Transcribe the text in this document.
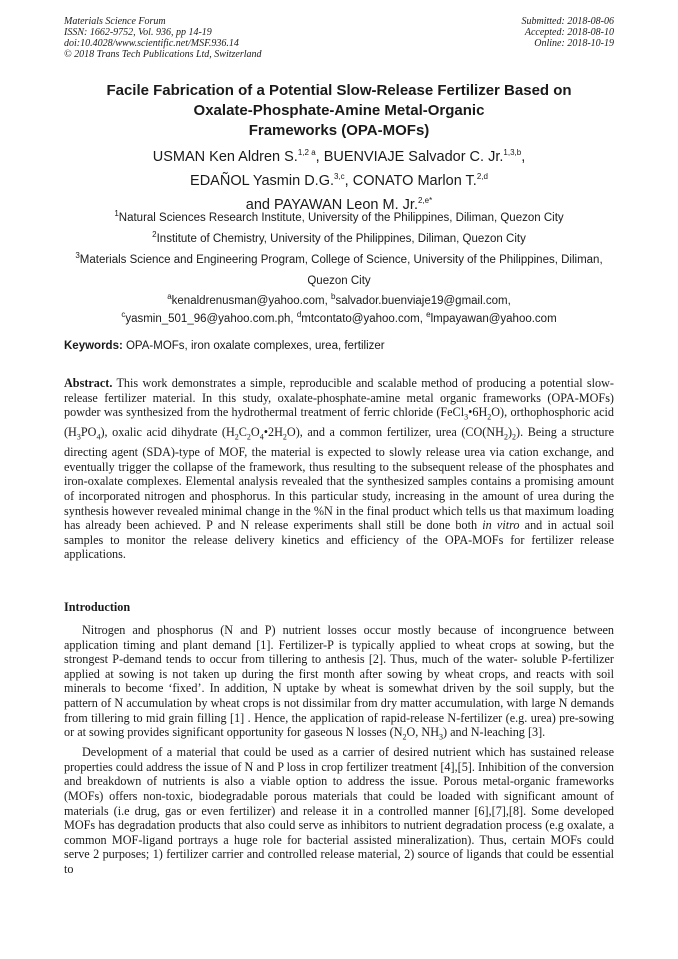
Materials Science Forum
ISSN: 1662-9752, Vol. 936, pp 14-19
doi:10.4028/www.scientific.net/MSF.936.14
© 2018 Trans Tech Publications Ltd, Switzerland
Submitted: 2018-08-06
Accepted: 2018-08-10
Online: 2018-10-19
Facile Fabrication of a Potential Slow-Release Fertilizer Based on
Oxalate-Phosphate-Amine Metal-Organic
Frameworks (OPA-MOFs)
USMAN Ken Aldren S.$^{1,2 a}$, BUENVIAJE Salvador C. Jr.$^{1,3,b}$,
EDAÑOL Yasmin D.G.$^{3,c}$, CONATO Marlon T.$^{2,d}$
and PAYAWAN Leon M. Jr.$^{2,e*}$
$^1$Natural Sciences Research Institute, University of the Philippines, Diliman, Quezon City
$^2$Institute of Chemistry, University of the Philippines, Diliman, Quezon City
$^3$Materials Science and Engineering Program, College of Science, University of the Philippines, Diliman, Quezon City
$^a$kenaldrenusman@yahoo.com, $^b$salvador.buenviaje19@gmail.com,
$^c$yasmin_501_96@yahoo.com.ph, $^d$mtcontato@yahoo.com, $^e$lmpayawan@yahoo.com
Keywords: OPA-MOFs, iron oxalate complexes, urea, fertilizer
Abstract. This work demonstrates a simple, reproducible and scalable method of producing a potential slow-release fertilizer material. In this study, oxalate-phosphate-amine metal organic frameworks (OPA-MOFs) powder was synthesized from the hydrothermal treatment of ferric chloride $(FeCl_3•6H_2O)$, orthophosphoric acid $(H_3PO_4)$, oxalic acid dihydrate $(H_2C_2O_4•2H_2O)$, and a common fertilizer, urea $(CO(NH_2)_2)$. Being a structure directing agent (SDA)-type of MOF, the material is expected to slowly release urea via cation exchange, and eventually trigger the collapse of the framework, thus resulting to the subsequent release of the phosphates and iron-oxalate complexes. Elemental analysis revealed that the synthesized samples contains a promising amount of incorporated nitrogen and phosphorus. In this particular study, increasing in the amount of urea during the synthesis however revealed minimal change in the %N in the final product which tells us that maximum loading has already been achieved. P and N release experiments shall still be done both in vitro and in actual soil samples to monitor the release delivery kinetics and efficiency of the OPA-MOFs for fertilizer release applications.
Introduction

Nitrogen and phosphorus (N and P) nutrient losses occur mostly because of incongruence between application timing and plant demand [1]. Fertilizer-P is typically applied to wheat crops at sowing, but the strongest P-demand tends to occur from tillering to anthesis [2]. Thus, much of the water- soluble P-fertilizer applied at sowing is not taken up during the first month after sowing by wheat crops, and reacts with soil minerals to become ‘fixed’. In addition, N uptake by wheat is somewhat driven by the soil supply, but the pattern of N accumulation by wheat crops is not dissimilar from dry matter accumulation, with large N demands from tillering to mid grain filling [1] . Hence, the application of rapid-release N-fertilizer (e.g. urea) pre-sowing or at sowing provides significant opportunity for gaseous N losses ($N_2O$, $NH_3$) and N-leaching [3].

Development of a material that could be used as a carrier of desired nutrient which has sustained release properties could address the issue of N and P loss in crop fertilizer treatment [4],[5]. Inhibition of the conversion and breakdown of nutrients is also a viable option to address the issue. Porous metal-organic frameworks (MOFs) offers non-toxic, biodegradable porous materials that could be loaded with significant amount of materials (i.e drug, gas or even fertilizer) and release it in a controlled manner [6],[7],[8]. Some developed MOFs has degradation products that also could serve as inhibitors to nutrient degradation process (e.g oxalate, a common MOF-ligand portrays a huge role for bacterial assisted mineralization). Thus, certain MOFs could serve 2 purposes; 1) fertilizer carrier and controlled release material, 2) source of ligands that could be essential to
